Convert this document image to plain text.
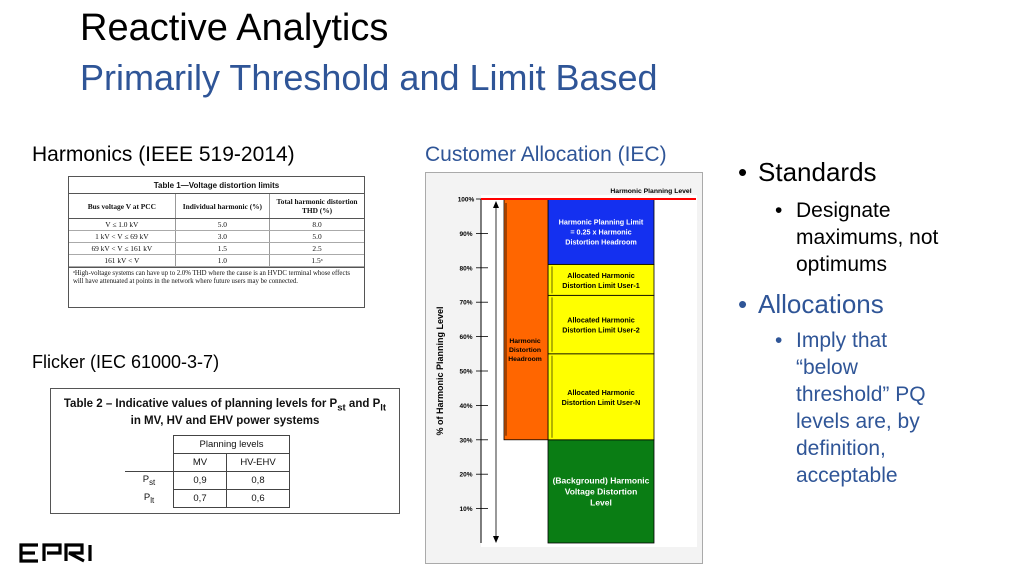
Reactive Analytics
Primarily Threshold and Limit Based
Harmonics (IEEE 519-2014)
Table 1—Voltage distortion limits
Bus voltage V at PCC	Individual harmonic (%)	Total harmonic distortion THD (%)
V ≤ 1.0 kV	5.0	8.0
1 kV < V ≤ 69 kV	3.0	5.0
69 kV < V ≤ 161 kV	1.5	2.5
161 kV < V	1.0	1.5ᵃ
ᵃHigh-voltage systems can have up to 2.0% THD where the cause is an HVDC terminal whose effects will have attenuated at points in the network where future users may be connected.
Flicker (IEC 61000-3-7)
Table 2 – Indicative values of planning levels for $P_{st}$ and $P_{lt}$
in MV, HV and EHV power systems
	Planning levels	
	MV	HV-EHV
$P_{st}$	0,9	0,8
$P_{lt}$	0,7	0,6
Customer Allocation (IEC)
(Background) Harmonic
Voltage Distortion
Level
Allocated Harmonic
Distortion Limit User-N
Allocated Harmonic
Distortion Limit User-2
Allocated Harmonic
Distortion Limit User-1
Harmonic Planning Limit
= 0.25 x Harmonic
Distortion Headroom
Harmonic
Distortion
Headroom
100%
90%
80%
70%
60%
50%
40%
30%
20%
10%
% of Harmonic Planning Level
Harmonic Planning Level
• Standards
• Designate
maximums, not
optimums
• Allocations
• Imply that
“below
threshold” PQ
levels are, by
definition,
acceptable
